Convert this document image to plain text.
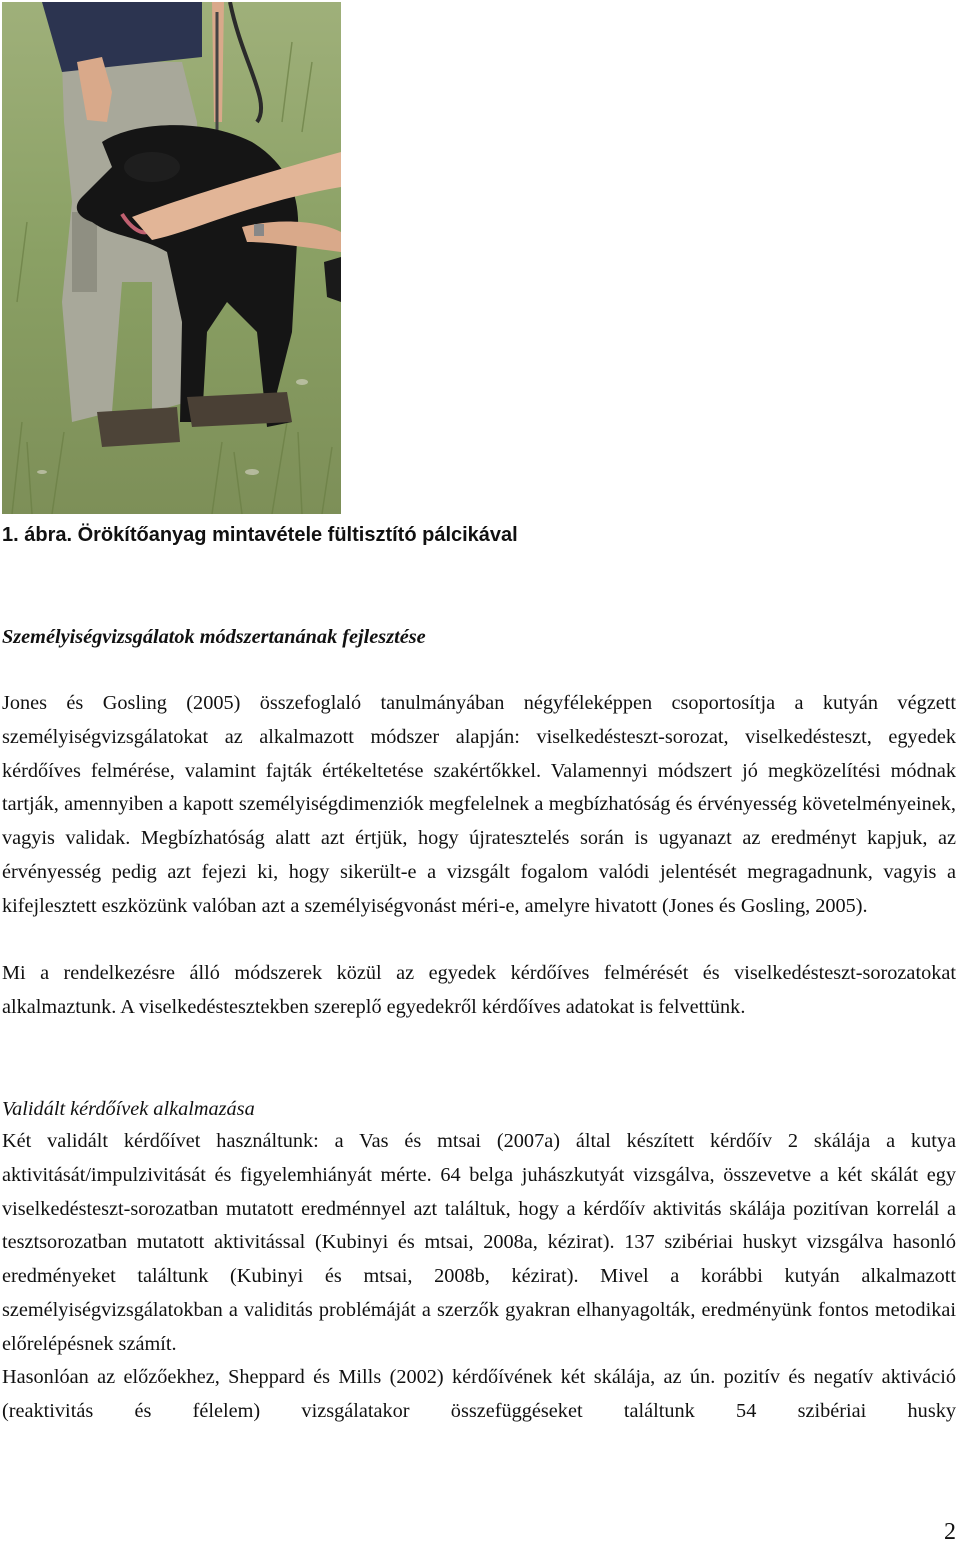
1. ábra. Örökítőanyag mintavétele fültisztító pálcikával
Személyiségvizsgálatok módszertanának fejlesztése

Jones és Gosling (2005) összefoglaló tanulmányában négyféleképpen csoportosítja a kutyán végzett személyiségvizsgálatokat az alkalmazott módszer alapján: viselkedésteszt-sorozat, viselkedésteszt, egyedek kérdőíves felmérése, valamint fajták értékeltetése szakértőkkel. Valamennyi módszert jó megközelítési módnak tartják, amennyiben a kapott személyiségdimenziók megfelelnek a megbízhatóság és érvényesség követelményeinek, vagyis validak. Megbízhatóság alatt azt értjük, hogy újratesztelés során is ugyanazt az eredményt kapjuk, az érvényesség pedig azt fejezi ki, hogy sikerült-e a vizsgált fogalom valódi jelentését megragadnunk, vagyis a kifejlesztett eszközünk valóban azt a személyiségvonást méri-e, amelyre hivatott (Jones és Gosling, 2005).

Mi a rendelkezésre álló módszerek közül az egyedek kérdőíves felmérését és viselkedésteszt-sorozatokat alkalmaztunk. A viselkedéstesztekben szereplő egyedekről kérdőíves adatokat is felvettünk.

Validált kérdőívek alkalmazása

Két validált kérdőívet használtunk: a Vas és mtsai (2007a) által készített kérdőív 2 skálája a kutya aktivitását/impulzivitását és figyelemhiányát mérte. 64 belga juhászkutyát vizsgálva, összevetve a két skálát egy viselkedésteszt-sorozatban mutatott eredménnyel azt találtuk, hogy a kérdőív aktivitás skálája pozitívan korrelál a tesztsorozatban mutatott aktivitással (Kubinyi és mtsai, 2008a, kézirat). 137 szibériai huskyt vizsgálva hasonló eredményeket találtunk (Kubinyi és mtsai, 2008b, kézirat). Mivel a korábbi kutyán alkalmazott személyiségvizsgálatokban a validitás problémáját a szerzők gyakran elhanyagolták, eredményünk fontos metodikai előrelépésnek számít.

Hasonlóan az előzőekhez, Sheppard és Mills (2002) kérdőívének két skálája, az ún. pozitív és negatív aktiváció (reaktivitás és félelem) vizsgálatakor összefüggéseket találtunk 54 szibériai husky

2
